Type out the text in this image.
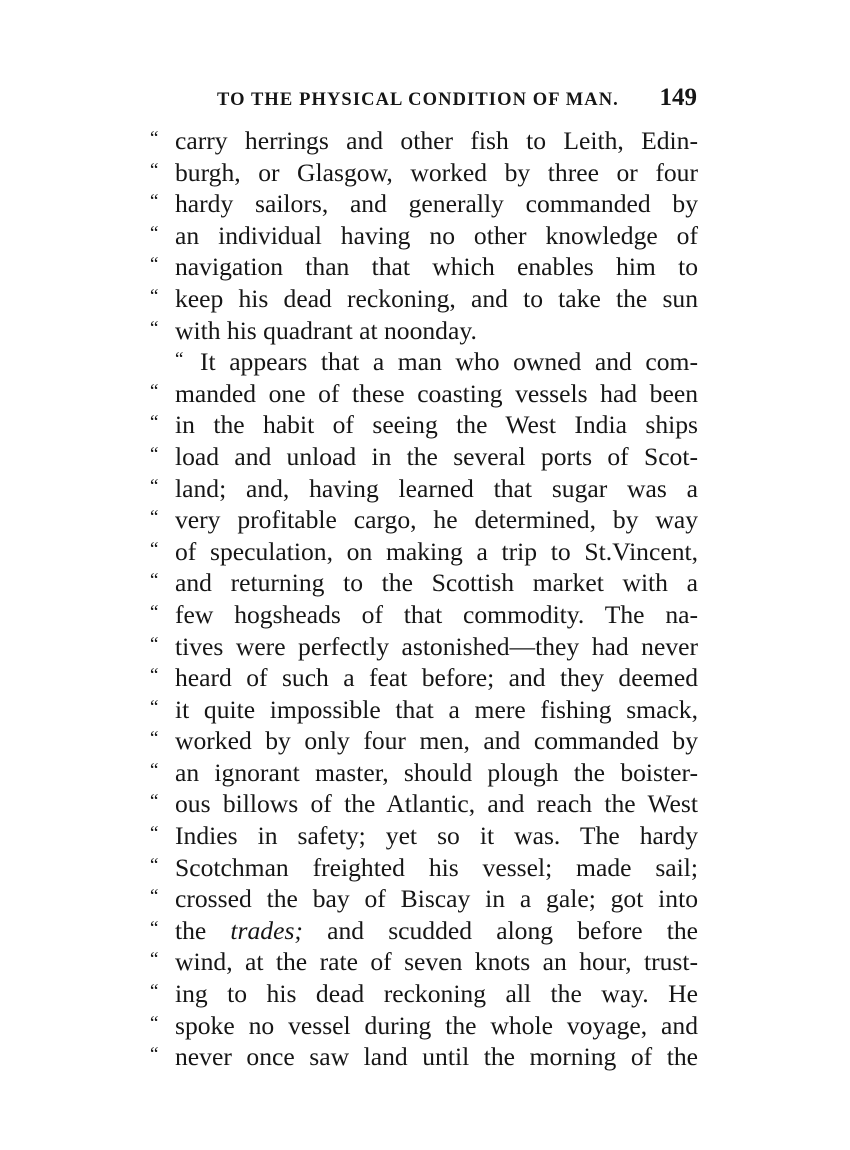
TO THE PHYSICAL CONDITION OF MAN. 149
“ carry herrings and other fish to Leith, Edin-
“ burgh, or Glasgow, worked by three or four
“ hardy sailors, and generally commanded by
“ an individual having no other knowledge of
“ navigation than that which enables him to
“ keep his dead reckoning, and to take the sun
“ with his quadrant at noonday.
“ It appears that a man who owned and com-
“ manded one of these coasting vessels had been
“ in the habit of seeing the West India ships
“ load and unload in the several ports of Scot-
“ land; and, having learned that sugar was a
“ very profitable cargo, he determined, by way
“ of speculation, on making a trip to St.Vincent,
“ and returning to the Scottish market with a
“ few hogsheads of that commodity. The na-
“ tives were perfectly astonished—they had never
“ heard of such a feat before; and they deemed
“ it quite impossible that a mere fishing smack,
“ worked by only four men, and commanded by
“ an ignorant master, should plough the boister-
“ ous billows of the Atlantic, and reach the West
“ Indies in safety; yet so it was. The hardy
“ Scotchman freighted his vessel; made sail;
“ crossed the bay of Biscay in a gale; got into
“ the trades; and scudded along before the
“ wind, at the rate of seven knots an hour, trust-
“ ing to his dead reckoning all the way. He
“ spoke no vessel during the whole voyage, and
“ never once saw land until the morning of the
